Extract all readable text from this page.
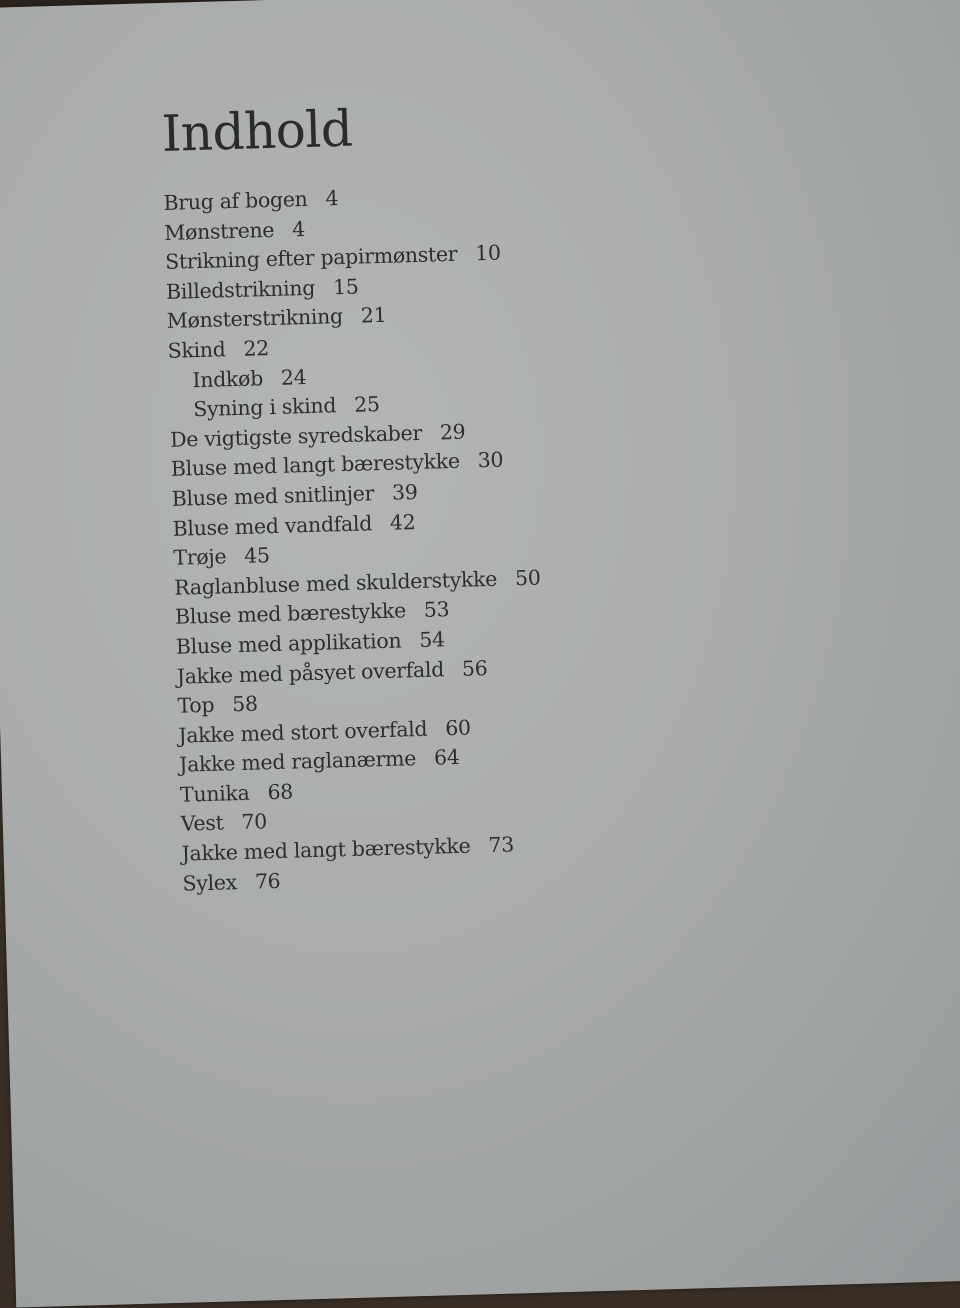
Indhold
Brug af bogen 4
Mønstrene 4
Strikning efter papirmønster 10
Billedstrikning 15
Mønsterstrikning 21
Skind 22
Indkøb 24
Syning i skind 25
De vigtigste syredskaber 29
Bluse med langt bærestykke 30
Bluse med snitlinjer 39
Bluse med vandfald 42
Trøje 45
Raglanbluse med skulderstykke 50
Bluse med bærestykke 53
Bluse med applikation 54
Jakke med påsyet overfald 56
Top 58
Jakke med stort overfald 60
Jakke med raglanærme 64
Tunika 68
Vest 70
Jakke med langt bærestykke 73
Sylex 76
